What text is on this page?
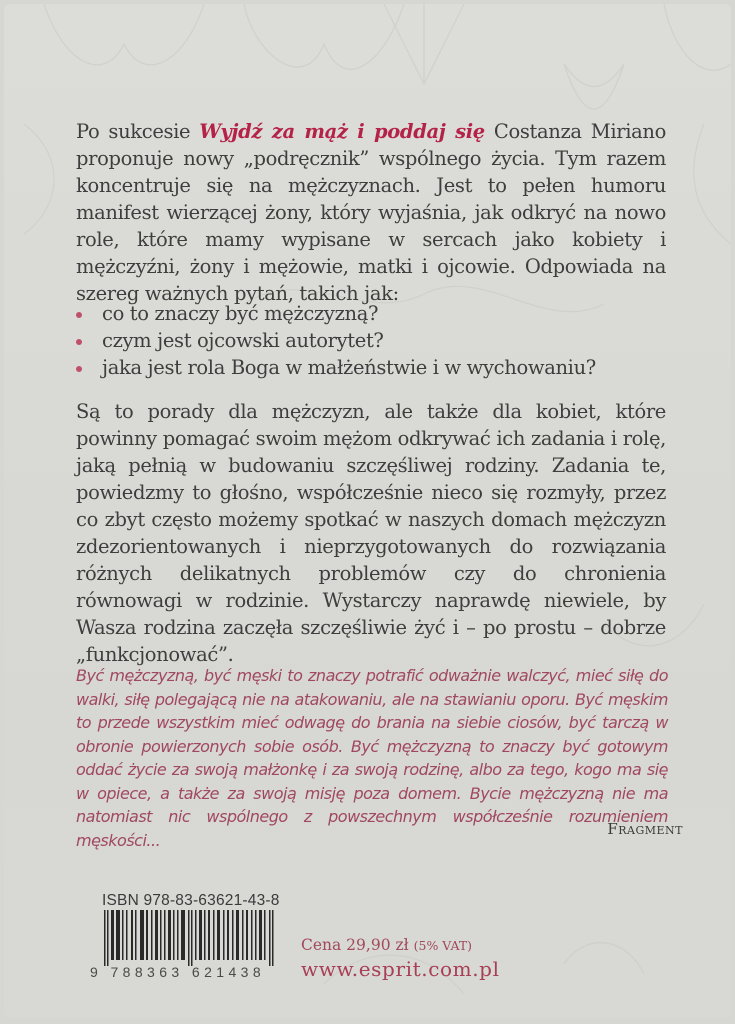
Po sukcesie Wyjdź za mąż i poddaj się Costanza Miriano proponuje nowy „podręcznik” wspólnego życia. Tym razem koncentruje się na mężczyznach. Jest to pełen humoru manifest wierzącej żony, który wyjaśnia, jak odkryć na nowo role, które mamy wypisane w sercach jako kobiety i mężczyźni, żony i mężowie, matki i ojcowie. Odpowiada na szereg ważnych pytań, takich jak:
co to znaczy być mężczyzną?
czym jest ojcowski autorytet?
jaka jest rola Boga w małżeństwie i w wychowaniu?
Są to porady dla mężczyzn, ale także dla kobiet, które powinny pomagać swoim mężom odkrywać ich zadania i rolę, jaką pełnią w budowaniu szczęśliwej rodziny. Zadania te, powiedzmy to głośno, współcześnie nieco się rozmyły, przez co zbyt często możemy spotkać w naszych domach mężczyzn zdezorientowanych i nieprzygotowanych do rozwiązania różnych delikatnych problemów czy do chronienia równowagi w rodzinie. Wystarczy naprawdę niewiele, by Wasza rodzina zaczęła szczęśliwie żyć i – po prostu – dobrze „funkcjonować”.
Być mężczyzną, być męski to znaczy potrafić odważnie walczyć, mieć siłę do walki, siłę polegającą nie na atakowaniu, ale na stawianiu oporu. Być męskim to przede wszystkim mieć odwagę do brania na siebie ciosów, być tarczą w obronie powierzonych sobie osób. Być mężczyzną to znaczy być gotowym oddać życie za swoją małżonkę i za swoją rodzinę, albo za tego, kogo ma się w opiece, a także za swoją misję poza domem. Bycie mężczyzną nie ma natomiast nic wspólnego z powszechnym współcześnie rozumieniem męskości...
Fragment
ISBN 978-83-63621-43-8
9 788363 621438
Cena 29,90 zł (5% VAT)
www.esprit.com.pl
